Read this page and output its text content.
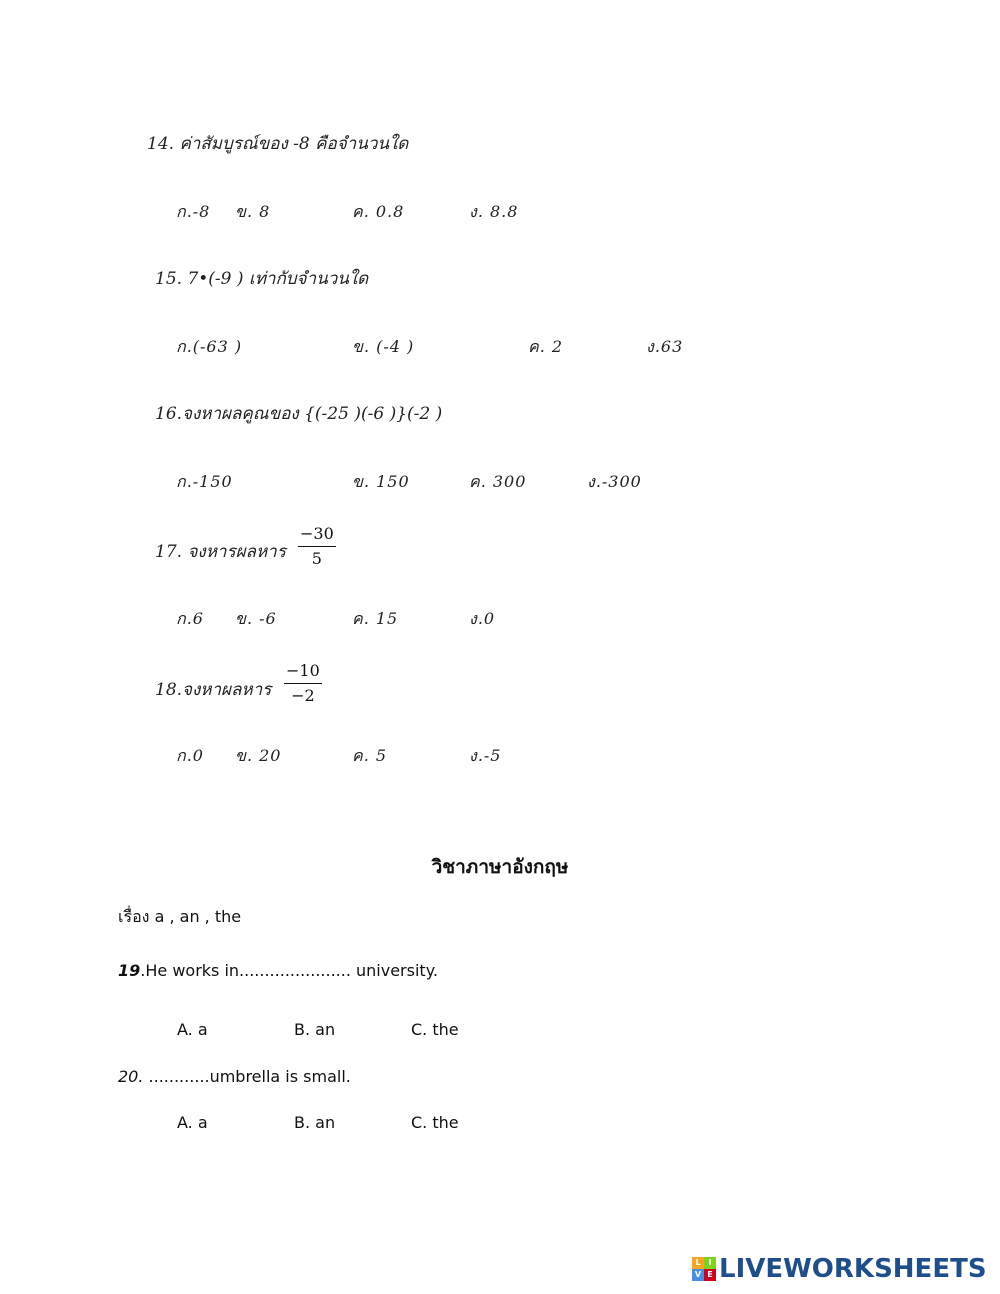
14. ค่าสัมบูรณ์ของ -8 คือจำนวนใด
ก.-8 ข. 8	ค. 0.8	ง. 8.8
15. 7•(-9 ) เท่ากับจำนวนใด
ก.(-63 )	ข. (-4 )	ค. 2	ง.63
16.จงหาผลคูณของ {(-25 )(-6 )}(-2 )
ก.-150	ข. 150	ค. 300	ง.-300
17. จงหารผลหาร $\frac{-30}{5}$
ก.6 ข. -6	ค. 15	ง.0
18.จงหาผลหาร $\frac{-10}{-2}$
ก.0 ข. 20	ค. 5	ง.-5
วิชาภาษาอังกฤษ
เรื่อง a , an , the
19.He works in...................... university.
A. a	B. an	C. the
20. ............umbrella is small.
A. a	B. an	C. the
L I
V E LIVEWORKSHEETS
